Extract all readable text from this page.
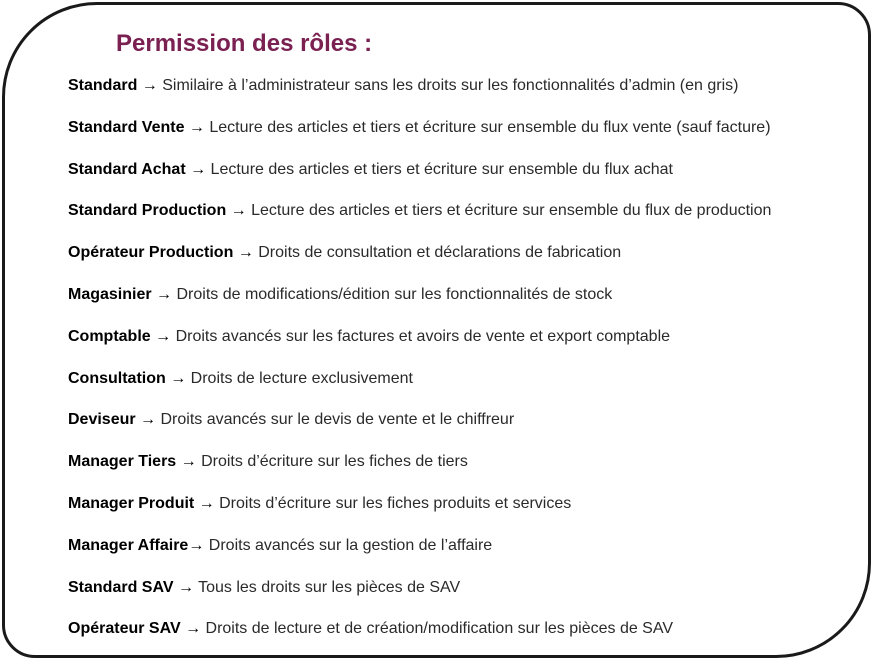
Permission des rôles :
Standard → Similaire à l’administrateur sans les droits sur les fonctionnalités d’admin (en gris)
Standard Vente → Lecture des articles et tiers et écriture sur ensemble du flux vente (sauf facture)
Standard Achat → Lecture des articles et tiers et écriture sur ensemble du flux achat
Standard Production → Lecture des articles et tiers et écriture sur ensemble du flux de production
Opérateur Production → Droits de consultation et déclarations de fabrication
Magasinier → Droits de modifications/édition sur les fonctionnalités de stock
Comptable → Droits avancés sur les factures et avoirs de vente et export comptable
Consultation → Droits de lecture exclusivement
Deviseur → Droits avancés sur le devis de vente et le chiffreur
Manager Tiers → Droits d’écriture sur les fiches de tiers
Manager Produit → Droits d’écriture sur les fiches produits et services
Manager Affaire→ Droits avancés sur la gestion de l’affaire
Standard SAV → Tous les droits sur les pièces de SAV
Opérateur SAV → Droits de lecture et de création/modification sur les pièces de SAV
